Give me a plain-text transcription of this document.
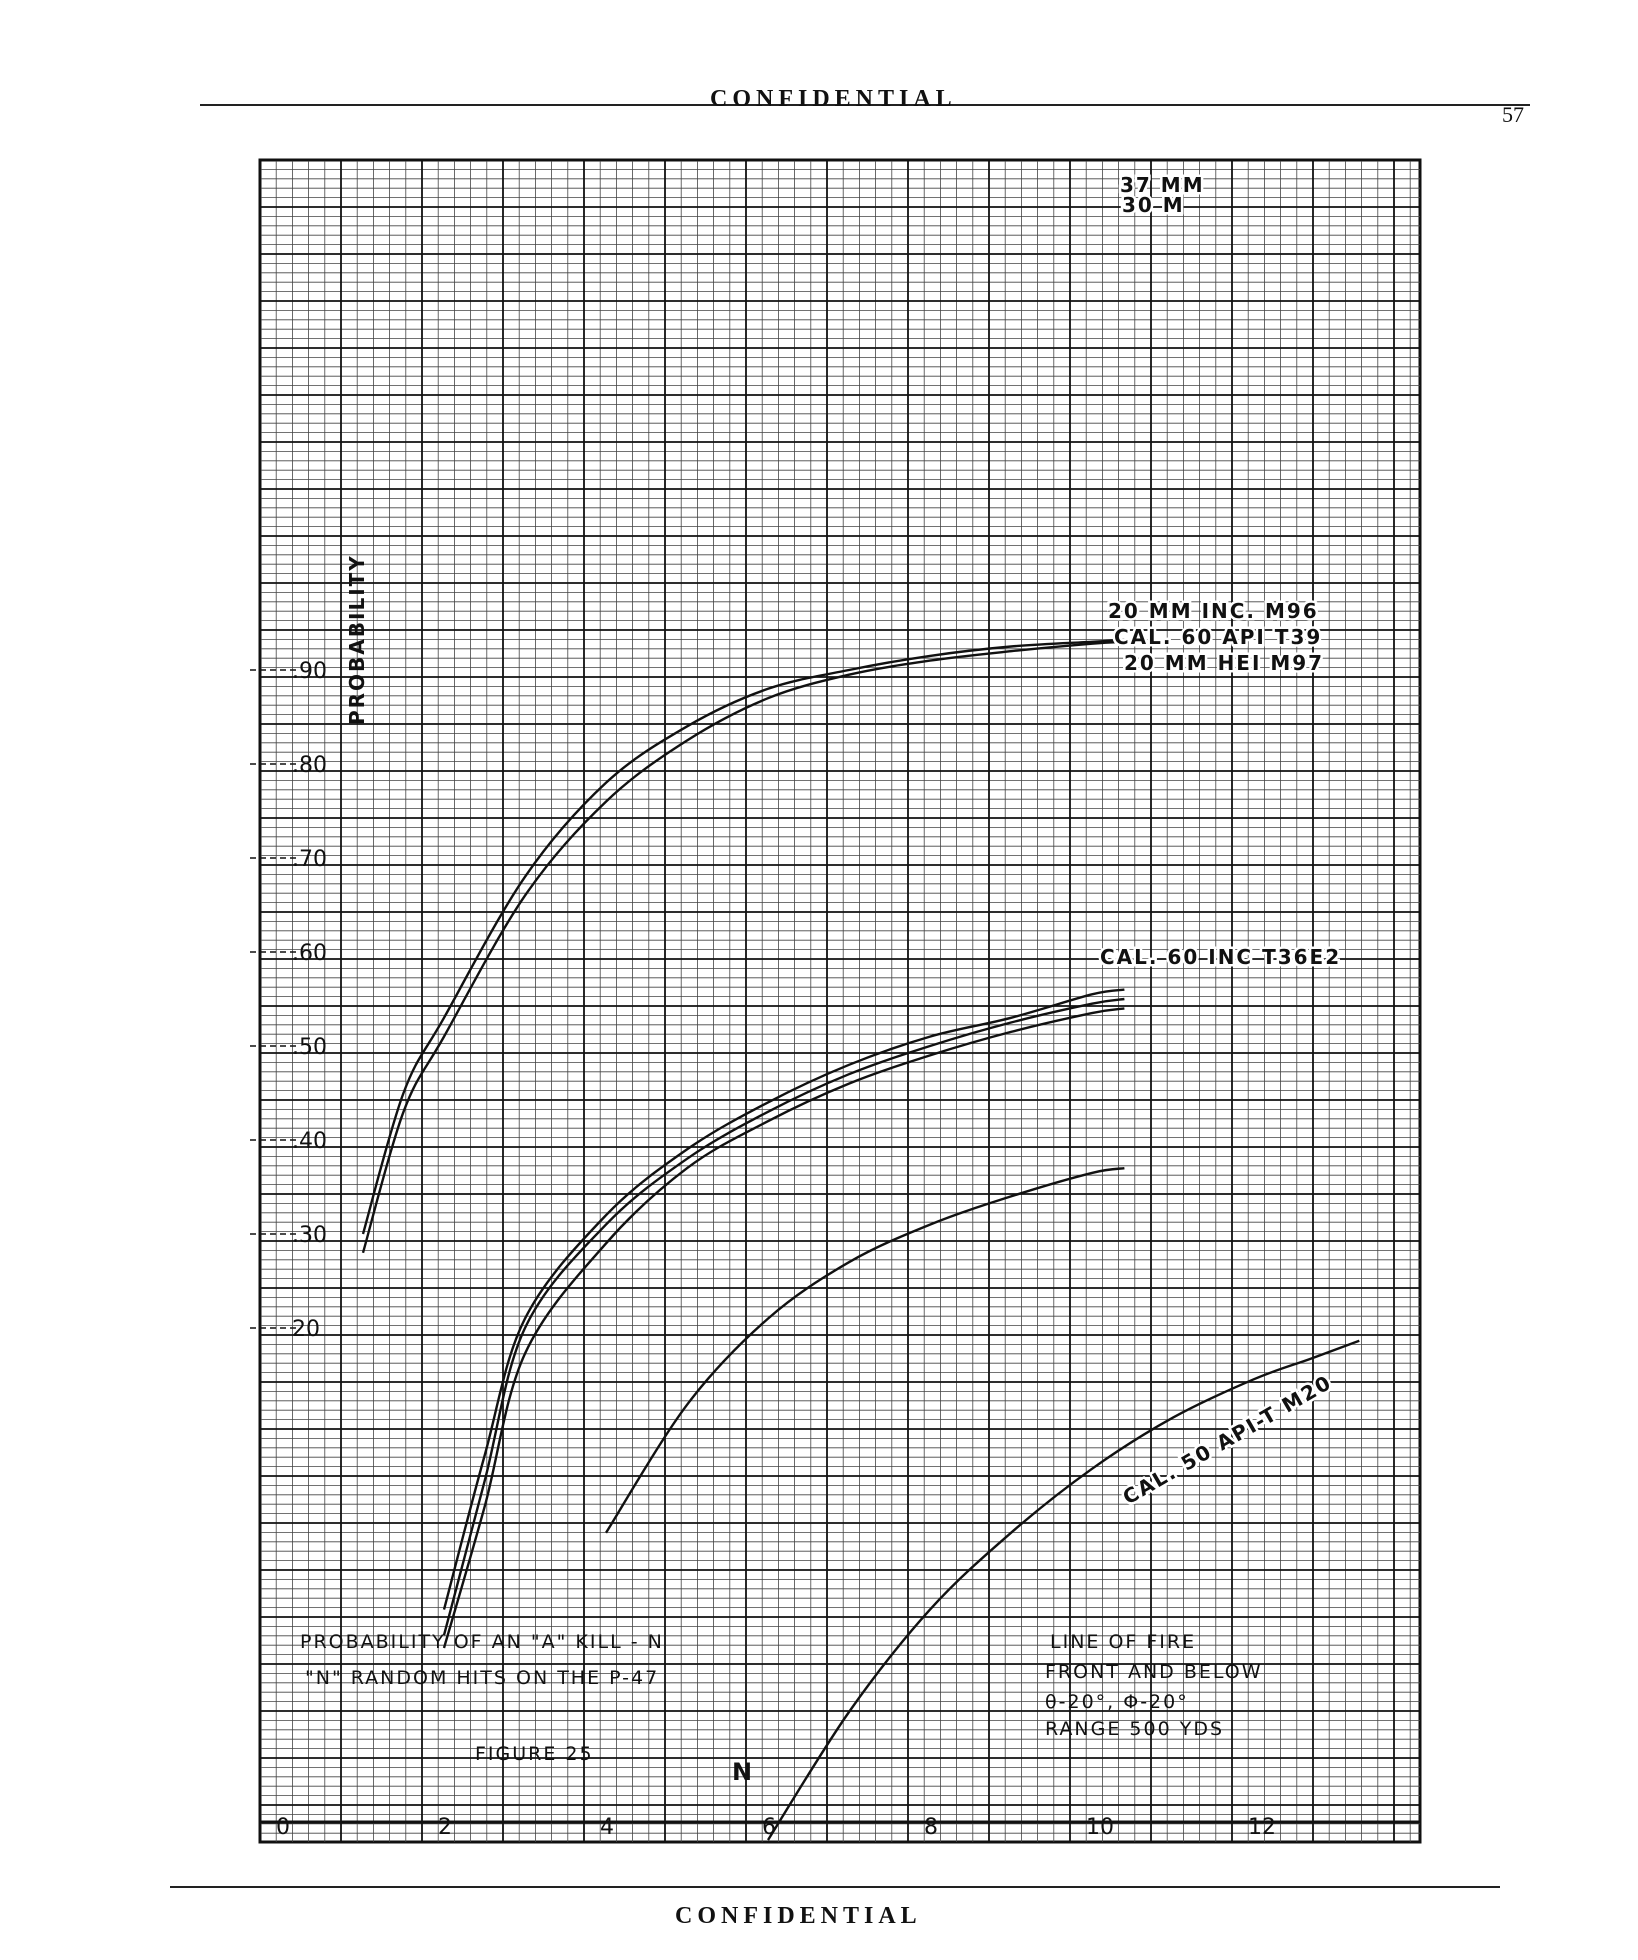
CONFIDENTIAL
57
20
.30
.40
.50
.60
.70
.80
.90
0	2	4	6	8	10	12
37 MM
30 M
20 MM INC. M96
CAL. 60 API T39
20 MM HEI M97
CAL. 60 INC T36E2
CAL. 50 API-T M20
PROBABILITY
PROBABILITY OF AN "A" KILL - N
"N" RANDOM HITS ON THE P-47
FIGURE 25
N
LINE OF FIRE
FRONT AND BELOW
θ-20°, Φ-20°
RANGE 500 YDS
CONFIDENTIAL
